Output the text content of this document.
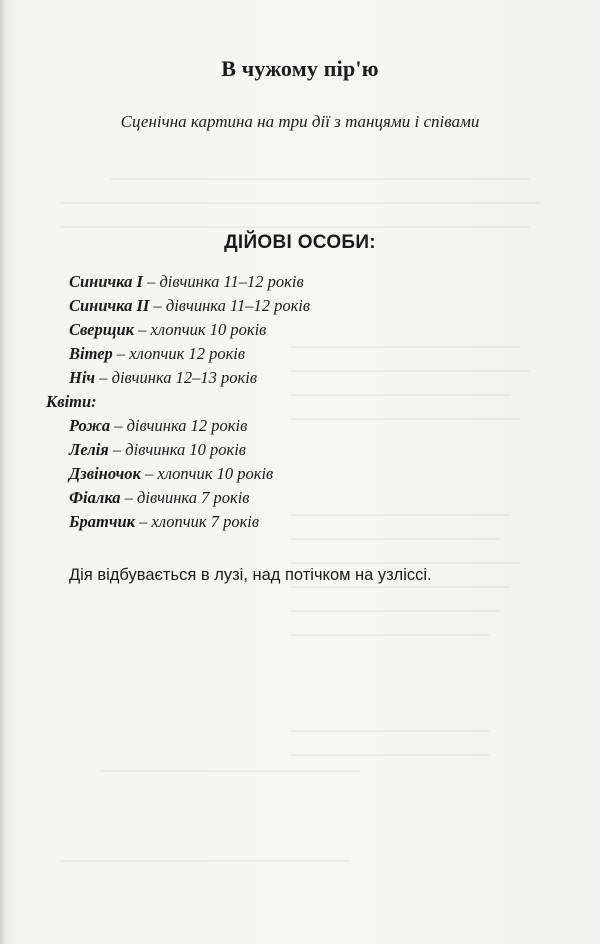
В чужому пір'ю
Сценічна картина на три дії з танцями і співами
ДІЙОВІ ОСОБИ:
Синичка І – дівчинка 11–12 років
Синичка ІІ – дівчинка 11–12 років
Сверщик – хлопчик 10 років
Вітер – хлопчик 12 років
Ніч – дівчинка 12–13 років
Квіти:
Рожа – дівчинка 12 років
Лелія – дівчинка 10 років
Дзвіночок – хлопчик 10 років
Фіалка – дівчинка 7 років
Братчик – хлопчик 7 років
Дія відбувається в лузі, над потічком на узліссі.
